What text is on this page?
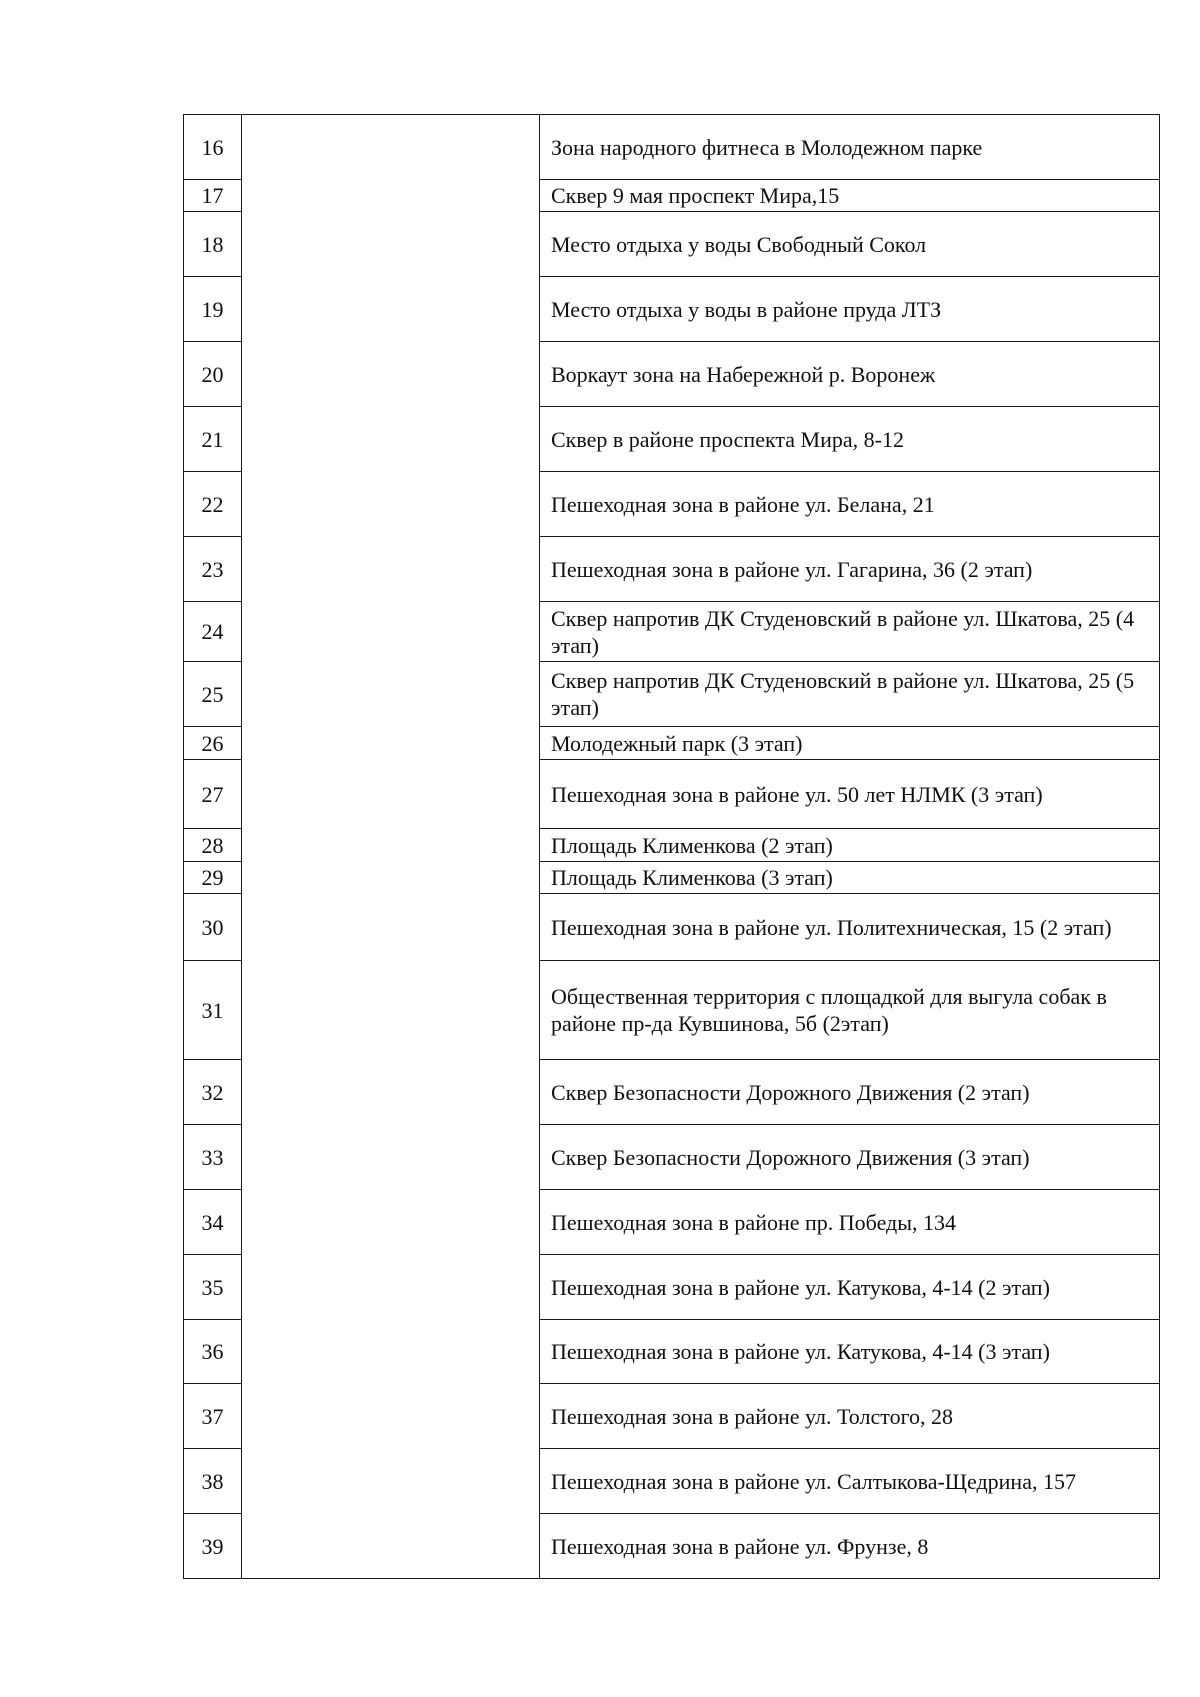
16		Зона народного фитнеса в Молодежном парке
17		Сквер 9 мая проспект Мира,15
18		Место отдыха у воды Свободный Сокол
19		Место отдыха у воды в районе пруда ЛТЗ
20		Воркаут зона на Набережной р. Воронеж
21		Сквер в районе проспекта Мира, 8-12
22		Пешеходная зона в районе ул. Белана, 21
23		Пешеходная зона в районе ул. Гагарина, 36 (2 этап)
24		Сквер напротив ДК Студеновский в районе ул. Шкатова, 25 (4 этап)
25		Сквер напротив ДК Студеновский в районе ул. Шкатова, 25 (5 этап)
26		Молодежный парк (3 этап)
27		Пешеходная зона в районе ул. 50 лет НЛМК (3 этап)
28		Площадь Клименкова (2 этап)
29		Площадь Клименкова (3 этап)
30		Пешеходная зона в районе ул. Политехническая, 15 (2 этап)
31		Общественная территория с площадкой для выгула собак в районе пр-да Кувшинова, 5б (2этап)
32		Сквер Безопасности Дорожного Движения (2 этап)
33		Сквер Безопасности Дорожного Движения (3 этап)
34		Пешеходная зона в районе пр. Победы, 134
35		Пешеходная зона в районе ул. Катукова, 4-14 (2 этап)
36		Пешеходная зона в районе ул. Катукова, 4-14 (3 этап)
37		Пешеходная зона в районе ул. Толстого, 28
38		Пешеходная зона в районе ул. Салтыкова-Щедрина, 157
39		Пешеходная зона в районе ул. Фрунзе, 8
